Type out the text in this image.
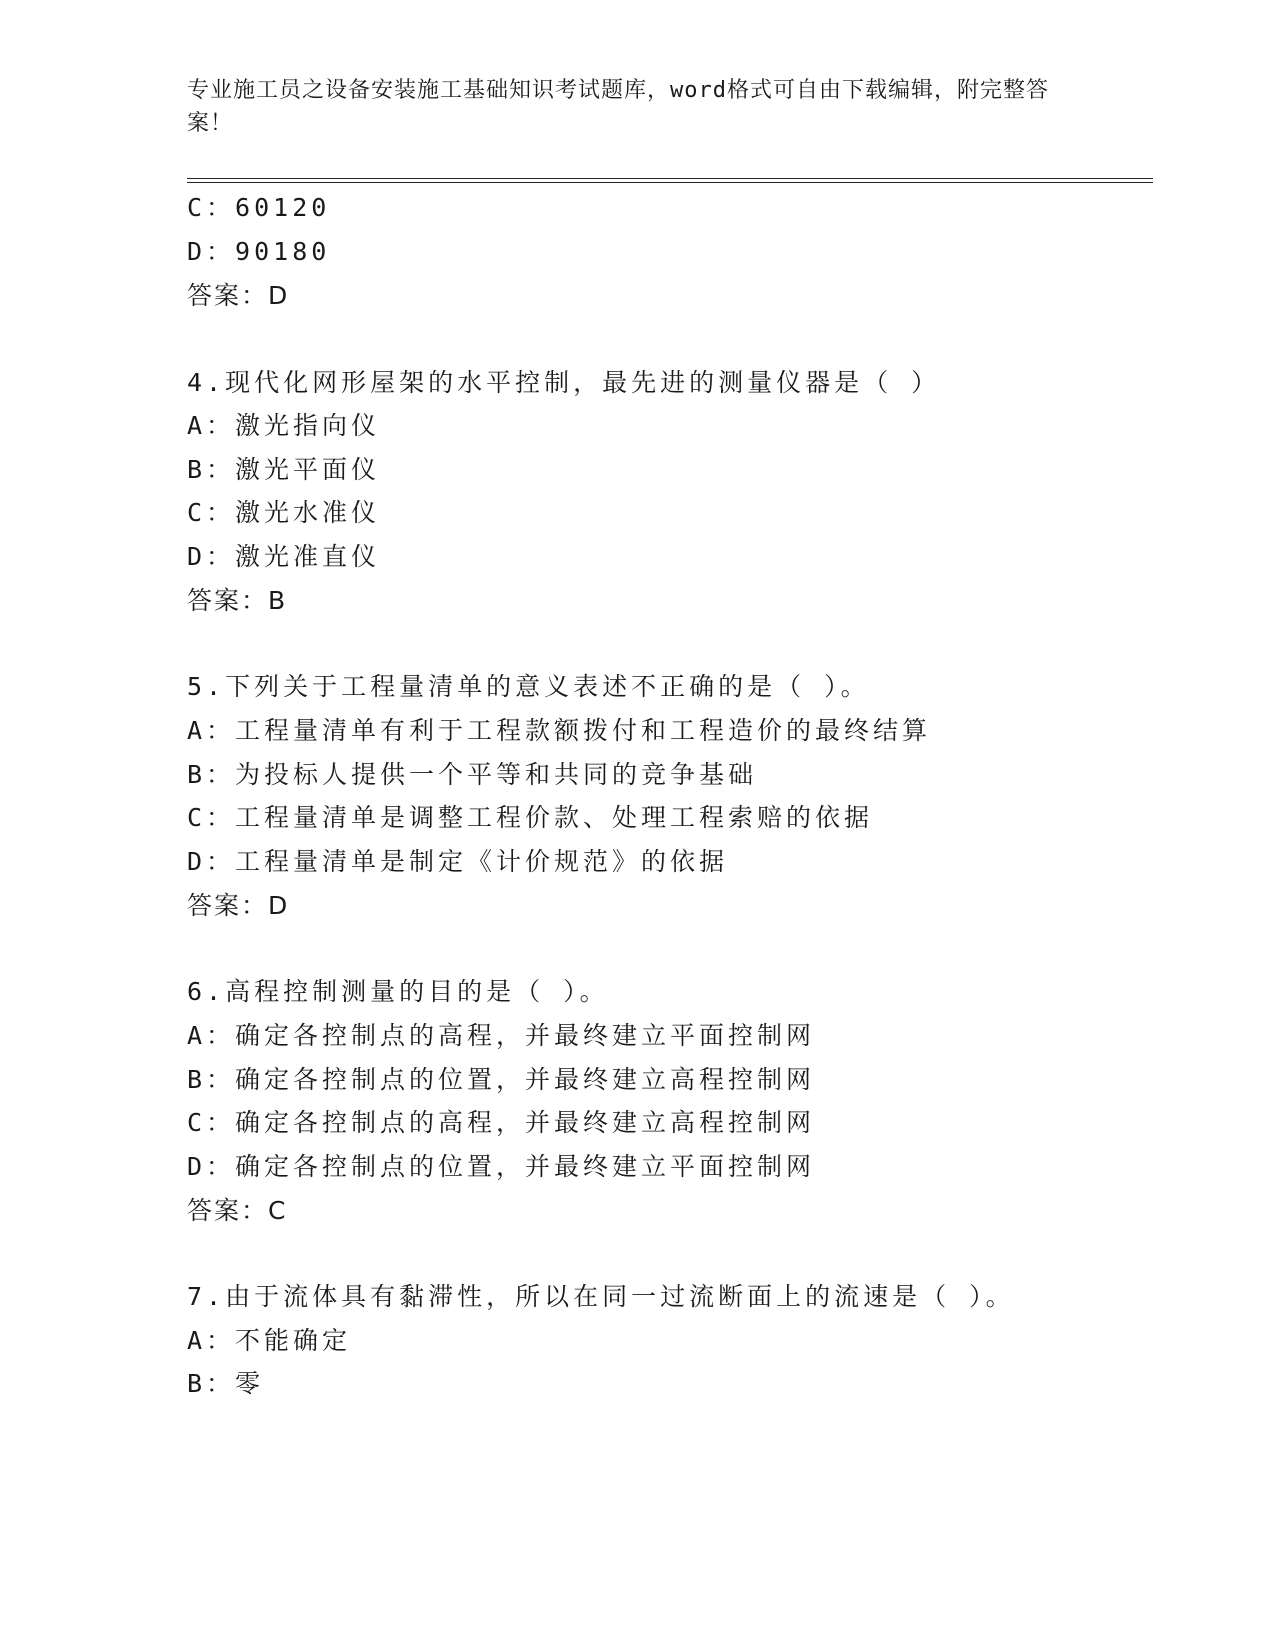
专业施工员之设备安装施工基础知识考试题库，word格式可自由下载编辑，附完整答案！
C：60120
D：90180
答案：D
4.现代化网形屋架的水平控制，最先进的测量仪器是（ ）
A：激光指向仪
B：激光平面仪
C：激光水准仪
D：激光准直仪
答案：B
5.下列关于工程量清单的意义表述不正确的是（ ）。
A：工程量清单有利于工程款额拨付和工程造价的最终结算
B：为投标人提供一个平等和共同的竞争基础
C：工程量清单是调整工程价款、处理工程索赔的依据
D：工程量清单是制定《计价规范》的依据
答案：D
6.高程控制测量的目的是（ ）。
A：确定各控制点的高程，并最终建立平面控制网
B：确定各控制点的位置，并最终建立高程控制网
C：确定各控制点的高程，并最终建立高程控制网
D：确定各控制点的位置，并最终建立平面控制网
答案：C
7.由于流体具有黏滞性，所以在同一过流断面上的流速是（ ）。
A：不能确定
B：零
